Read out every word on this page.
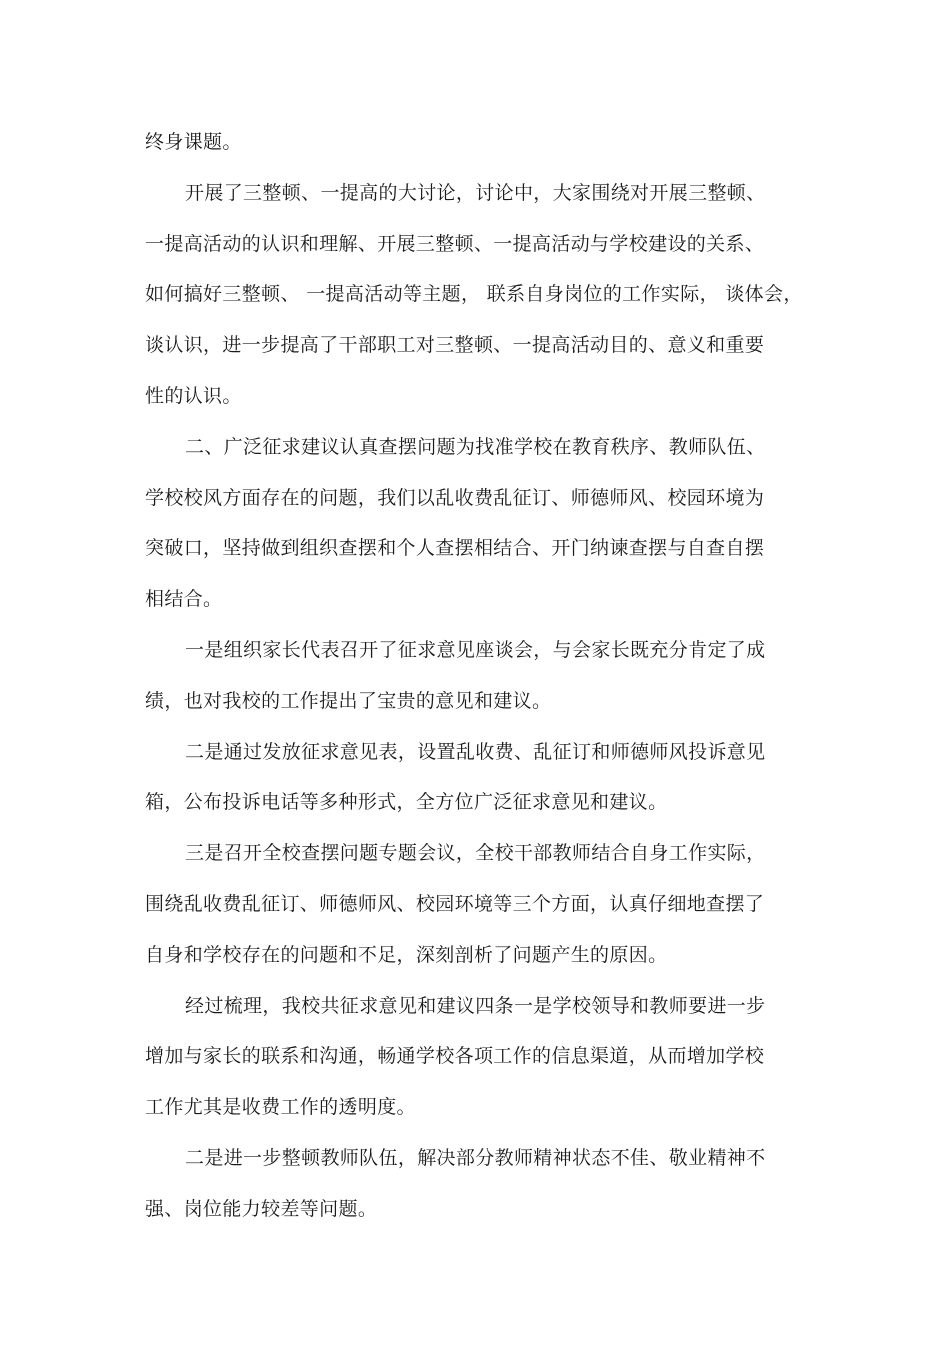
终身课题。
开展了三整顿、一提高的大讨论，讨论中，大家围绕对开展三整顿、
一提高活动的认识和理解、开展三整顿、一提高活动与学校建设的关系、
如何搞好三整顿、 一提高活动等主题， 联系自身岗位的工作实际， 谈体会，
谈认识，进一步提高了干部职工对三整顿、一提高活动目的、意义和重要
性的认识。
二、广泛征求建议认真查摆问题为找准学校在教育秩序、教师队伍、
学校校风方面存在的问题，我们以乱收费乱征订、师德师风、校园环境为
突破口，坚持做到组织查摆和个人查摆相结合、开门纳谏查摆与自查自摆
相结合。
一是组织家长代表召开了征求意见座谈会，与会家长既充分肯定了成
绩，也对我校的工作提出了宝贵的意见和建议。
二是通过发放征求意见表，设置乱收费、乱征订和师德师风投诉意见
箱，公布投诉电话等多种形式，全方位广泛征求意见和建议。
三是召开全校查摆问题专题会议，全校干部教师结合自身工作实际，
围绕乱收费乱征订、师德师风、校园环境等三个方面，认真仔细地查摆了
自身和学校存在的问题和不足，深刻剖析了问题产生的原因。
经过梳理，我校共征求意见和建议四条一是学校领导和教师要进一步
增加与家长的联系和沟通，畅通学校各项工作的信息渠道，从而增加学校
工作尤其是收费工作的透明度。
二是进一步整顿教师队伍，解决部分教师精神状态不佳、敬业精神不
强、岗位能力较差等问题。
